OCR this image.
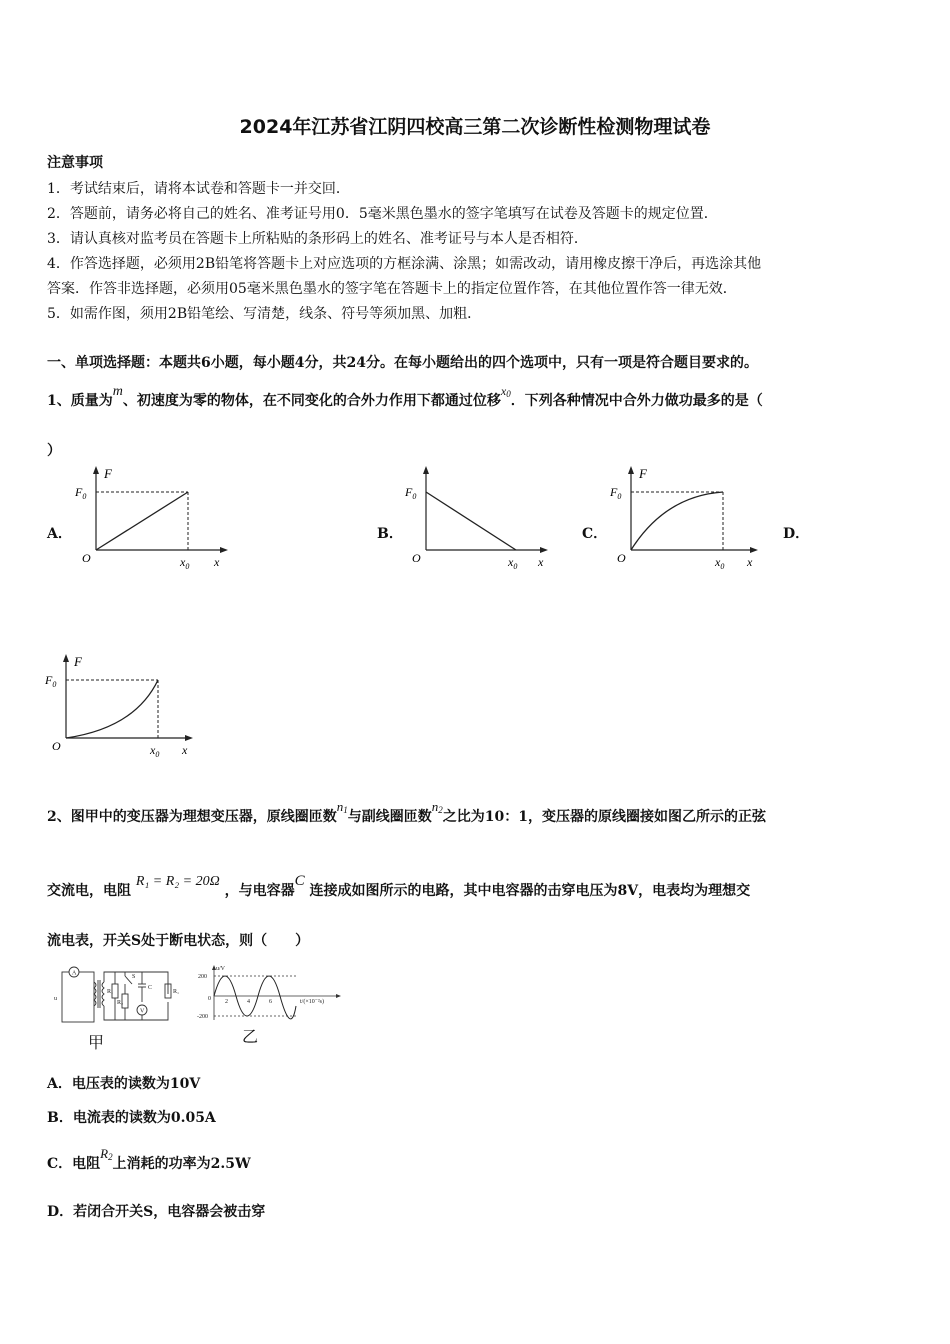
2024年江苏省江阴四校高三第二次诊断性检测物理试卷
注意事项
1．考试结束后，请将本试卷和答题卡一并交回．
2．答题前，请务必将自己的姓名、准考证号用0．5毫米黑色墨水的签字笔填写在试卷及答题卡的规定位置．
3．请认真核对监考员在答题卡上所粘贴的条形码上的姓名、准考证号与本人是否相符．
4．作答选择题，必须用2B铅笔将答题卡上对应选项的方框涂满、涂黑；如需改动，请用橡皮擦干净后，再选涂其他
答案．作答非选择题，必须用05毫米黑色墨水的签字笔在答题卡上的指定位置作答，在其他位置作答一律无效．
5．如需作图，须用2B铅笔绘、写清楚，线条、符号等须加黑、加粗．
一、单项选择题：本题共6小题，每小题4分，共24分。在每小题给出的四个选项中，只有一项是符合题目要求的。
1、质量为m、初速度为零的物体，在不同变化的合外力作用下都通过位移$x_0$．下列各种情况中合外力做功最多的是（
）
A．
F
$F_0$
O	$x_0$ x
B．
$F_0$
O	$x_0$ x
C．
F
$F_0$
O	$x_0$ x
D．
F
$F_0$
O	$x_0$ x
2、图甲中的变压器为理想变压器，原线圈匝数$n_1$与副线圈匝数$n_2$之比为10：1，变压器的原线圈接如图乙所示的正弦
交流电，电阻 R₁ = R₂ = 20Ω ，与电容器C 连接成如图所示的电路，其中电容器的击穿电压为8V，电表均为理想交
流电表，开关S处于断电状态，则（　　）
A
V
S
R₁
R₂
C
R₁
u
甲
u/V
200
-200
0 2	4	6	t/(×10⁻²s)
乙
A．电压表的读数为10V
B．电流表的读数为0.05A
C．电阻$R_2$上消耗的功率为2.5W
D．若闭合开关S，电容器会被击穿
